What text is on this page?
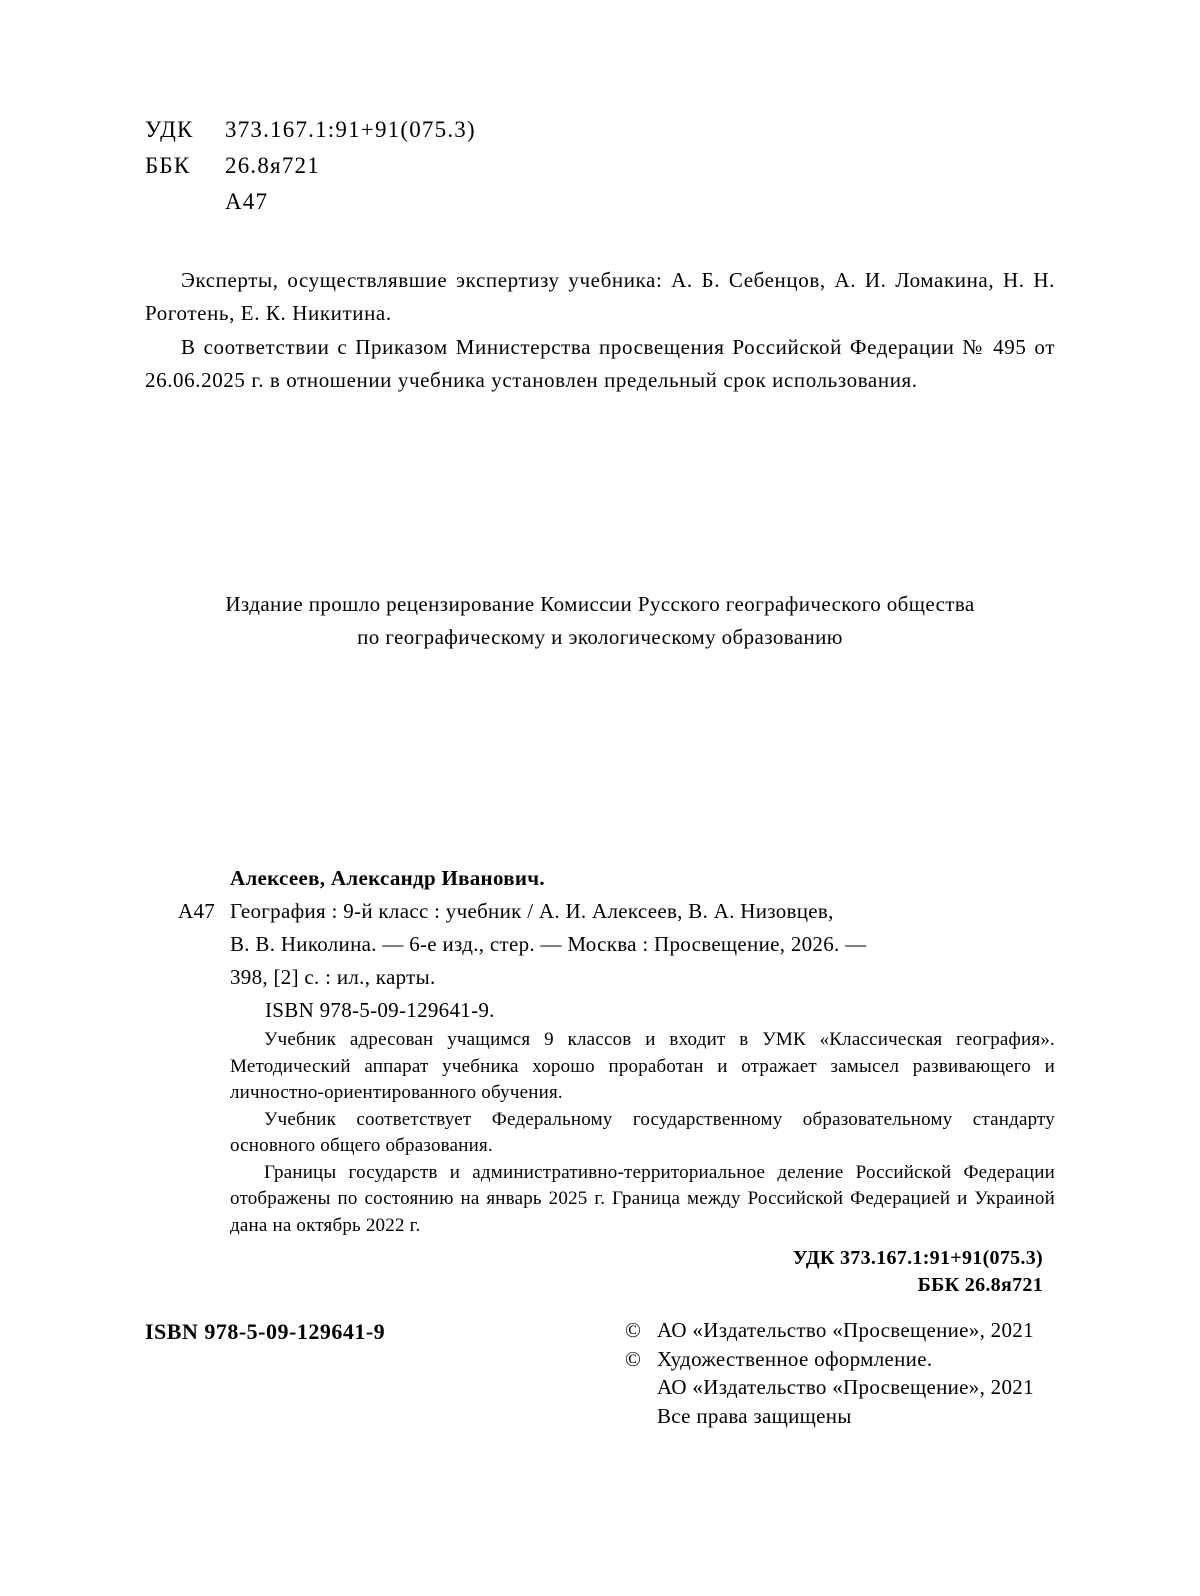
УДК	373.167.1:91+91(075.3)
ББК	26.8я721
А47
Эксперты, осуществлявшие экспертизу учебника: А. Б. Себенцов, А. И. Ломакина, Н. Н. Роготень, Е. К. Никитина.
В соответствии с Приказом Министерства просвещения Российской Федерации № 495 от 26.06.2025 г. в отношении учебника установлен предельный срок использования.
Издание прошло рецензирование Комиссии Русского географического общества
по географическому и экологическому образованию
Алексеев, Александр Иванович.
А47 География : 9-й класс : учебник / А. И. Алексеев, В. А. Низовцев,
В. В. Николина. — 6-е изд., стер. — Москва : Просвещение, 2026. —
398, [2] с. : ил., карты.
ISBN 978-5-09-129641-9.

Учебник адресован учащимся 9 классов и входит в УМК «Классическая география». Методический аппарат учебника хорошо проработан и отражает замысел развивающего и личностно-ориентированного обучения.

Учебник соответствует Федеральному государственному образовательному стандарту основного общего образования.

Границы государств и административно-территориальное деление Российской Федерации отображены по состоянию на январь 2025 г. Граница между Российской Федерацией и Украиной дана на октябрь 2022 г.

УДК 373.167.1:91+91(075.3)
ББК 26.8я721
ISBN 978-5-09-129641-9	© АО «Издательство «Просвещение», 2021
© Художественное оформление.
АО «Издательство «Просвещение», 2021
Все права защищены
